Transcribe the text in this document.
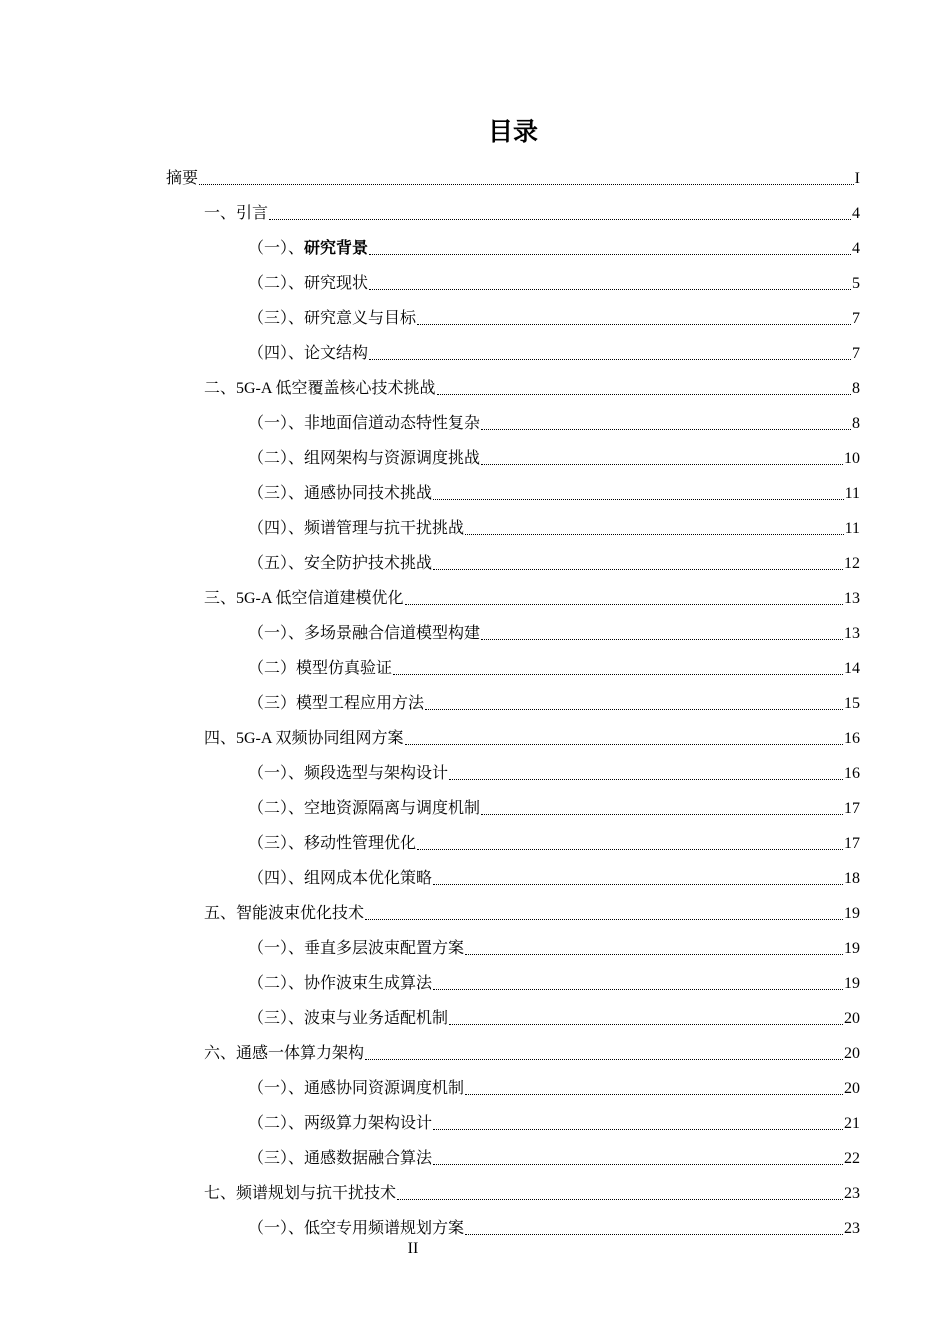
目录
摘要	I
一、引言	4
（一）、研究背景	4
（二）、研究现状	5
（三）、研究意义与目标	7
（四）、论文结构	7
二、5G-A 低空覆盖核心技术挑战	8
（一）、非地面信道动态特性复杂	8
（二）、组网架构与资源调度挑战	10
（三）、通感协同技术挑战	11
（四）、频谱管理与抗干扰挑战	11
（五）、安全防护技术挑战	12
三、5G-A 低空信道建模优化	13
（一）、多场景融合信道模型构建	13
（二）模型仿真验证	14
（三）模型工程应用方法	15
四、5G-A 双频协同组网方案	16
（一）、频段选型与架构设计	16
（二）、空地资源隔离与调度机制	17
（三）、移动性管理优化	17
（四）、组网成本优化策略	18
五、智能波束优化技术	19
（一）、垂直多层波束配置方案	19
（二）、协作波束生成算法	19
（三）、波束与业务适配机制	20
六、通感一体算力架构	20
（一）、通感协同资源调度机制	20
（二）、两级算力架构设计	21
（三）、通感数据融合算法	22
七、频谱规划与抗干扰技术	23
（一）、低空专用频谱规划方案	23
II
